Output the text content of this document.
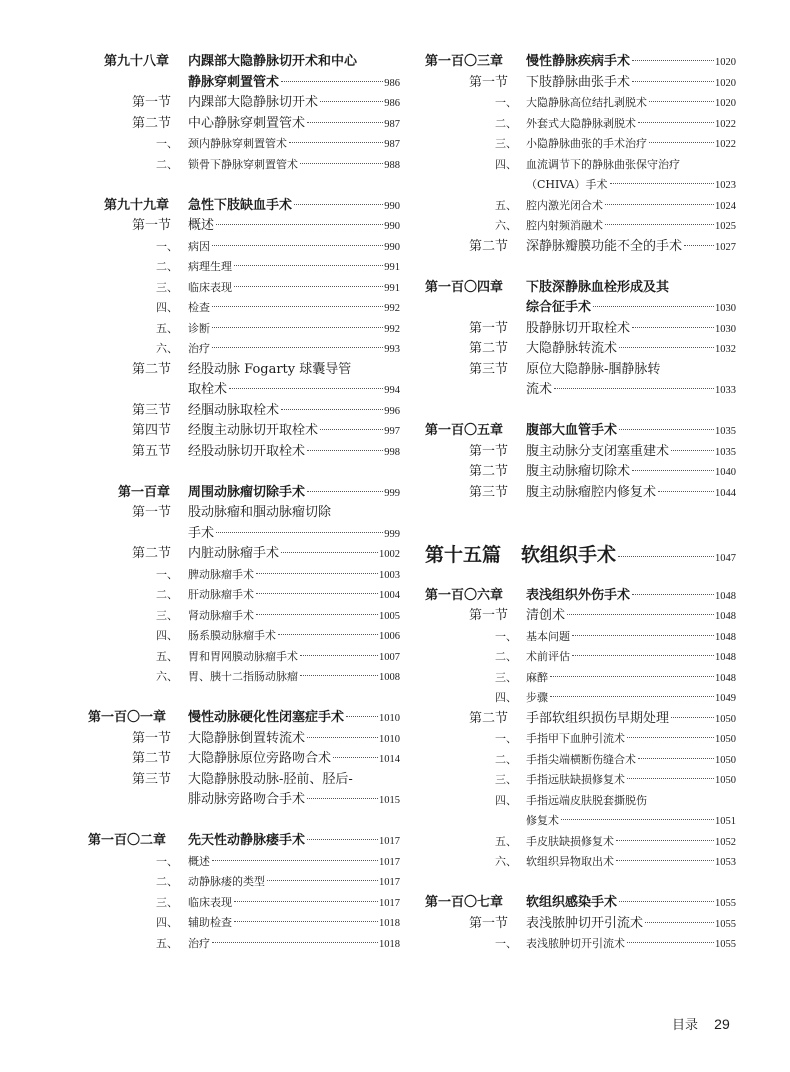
第九十八章 内踝部大隐静脉切开术和中心
静脉穿刺置管术	986
第一节 内踝部大隐静脉切开术	986
第二节 中心静脉穿刺置管术	987
一、 颈内静脉穿刺置管术	987
二、 锁骨下静脉穿刺置管术	988
第九十九章 急性下肢缺血手术	990
第一节 概述	990
一、 病因	990
二、 病理生理	991
三、 临床表现	991
四、 检查	992
五、 诊断	992
六、 治疗	993
第二节 经股动脉 Fogarty 球囊导管
取栓术	994
第三节 经腘动脉取栓术	996
第四节 经腹主动脉切开取栓术	997
第五节 经股动脉切开取栓术	998
第一百章 周围动脉瘤切除手术	999
第一节 股动脉瘤和腘动脉瘤切除
手术	999
第二节 内脏动脉瘤手术	1002
一、 脾动脉瘤手术	1003
二、 肝动脉瘤手术	1004
三、 肾动脉瘤手术	1005
四、 肠系膜动脉瘤手术	1006
五、 胃和胃网膜动脉瘤手术	1007
六、 胃、胰十二指肠动脉瘤	1008
第一百〇一章 慢性动脉硬化性闭塞症手术	1010
第一节 大隐静脉倒置转流术	1010
第二节 大隐静脉原位旁路吻合术	1014
第三节 大隐静脉股动脉-胫前、胫后-
腓动脉旁路吻合手术	1015
第一百〇二章 先天性动静脉瘘手术	1017
一、 概述	1017
二、 动静脉瘘的类型	1017
三、 临床表现	1017
四、 辅助检查	1018
五、 治疗	1018
第一百〇三章 慢性静脉疾病手术	1020
第一节 下肢静脉曲张手术	1020
一、 大隐静脉高位结扎剥脱术	1020
二、 外套式大隐静脉剥脱术	1022
三、 小隐静脉曲张的手术治疗	1022
四、 血流调节下的静脉曲张保守治疗
（CHIVA）手术	1023
五、 腔内激光闭合术	1024
六、 腔内射频消融术	1025
第二节 深静脉瓣膜功能不全的手术	1027
第一百〇四章 下肢深静脉血栓形成及其
综合征手术	1030
第一节 股静脉切开取栓术	1030
第二节 大隐静脉转流术	1032
第三节 原位大隐静脉-腘静脉转
流术	1033
第一百〇五章 腹部大血管手术	1035
第一节 腹主动脉分支闭塞重建术	1035
第二节 腹主动脉瘤切除术	1040
第三节 腹主动脉瘤腔内修复术	1044
第十五篇 软组织手术	1047
第一百〇六章 表浅组织外伤手术	1048
第一节 清创术	1048
一、 基本问题	1048
二、 术前评估	1048
三、 麻醉	1048
四、 步骤	1049
第二节 手部软组织损伤早期处理	1050
一、 手指甲下血肿引流术	1050
二、 手指尖端横断伤缝合术	1050
三、 手指远肤缺损修复术	1050
四、 手指远端皮肤脱套撕脱伤
修复术	1051
五、 手皮肤缺损修复术	1052
六、 软组织异物取出术	1053
第一百〇七章 软组织感染手术	1055
第一节 表浅脓肿切开引流术	1055
一、 表浅脓肿切开引流术	1055
目录 29
